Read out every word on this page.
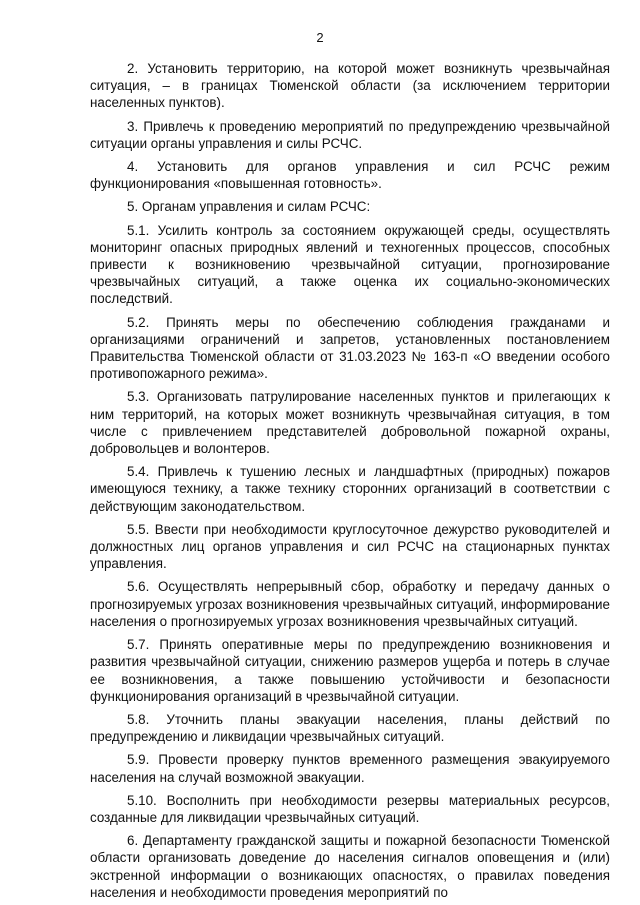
2

2. Установить территорию, на которой может возникнуть чрезвычайная ситуация, – в границах Тюменской области (за исключением территории населенных пунктов).

3. Привлечь к проведению мероприятий по предупреждению чрезвычайной ситуации органы управления и силы РСЧС.

4. Установить для органов управления и сил РСЧС режим функционирования «повышенная готовность».

5. Органам управления и силам РСЧС:

5.1. Усилить контроль за состоянием окружающей среды, осуществлять мониторинг опасных природных явлений и техногенных процессов, способных привести к возникновению чрезвычайной ситуации, прогнозирование чрезвычайных ситуаций, а также оценка их социально-экономических последствий.

5.2. Принять меры по обеспечению соблюдения гражданами и организациями ограничений и запретов, установленных постановлением Правительства Тюменской области от 31.03.2023 № 163-п «О введении особого противопожарного режима».

5.3. Организовать патрулирование населенных пунктов и прилегающих к ним территорий, на которых может возникнуть чрезвычайная ситуация, в том числе с привлечением представителей добровольной пожарной охраны, добровольцев и волонтеров.

5.4. Привлечь к тушению лесных и ландшафтных (природных) пожаров имеющуюся технику, а также технику сторонних организаций в соответствии с действующим законодательством.

5.5. Ввести при необходимости круглосуточное дежурство руководителей и должностных лиц органов управления и сил РСЧС на стационарных пунктах управления.

5.6. Осуществлять непрерывный сбор, обработку и передачу данных о прогнозируемых угрозах возникновения чрезвычайных ситуаций, информирование населения о прогнозируемых угрозах возникновения чрезвычайных ситуаций.

5.7. Принять оперативные меры по предупреждению возникновения и развития чрезвычайной ситуации, снижению размеров ущерба и потерь в случае ее возникновения, а также повышению устойчивости и безопасности функционирования организаций в чрезвычайной ситуации.

5.8. Уточнить планы эвакуации населения, планы действий по предупреждению и ликвидации чрезвычайных ситуаций.

5.9. Провести проверку пунктов временного размещения эвакуируемого населения на случай возможной эвакуации.

5.10. Восполнить при необходимости резервы материальных ресурсов, созданные для ликвидации чрезвычайных ситуаций.

6. Департаменту гражданской защиты и пожарной безопасности Тюменской области организовать доведение до населения сигналов оповещения и (или) экстренной информации о возникающих опасностях, о правилах поведения населения и необходимости проведения мероприятий по
